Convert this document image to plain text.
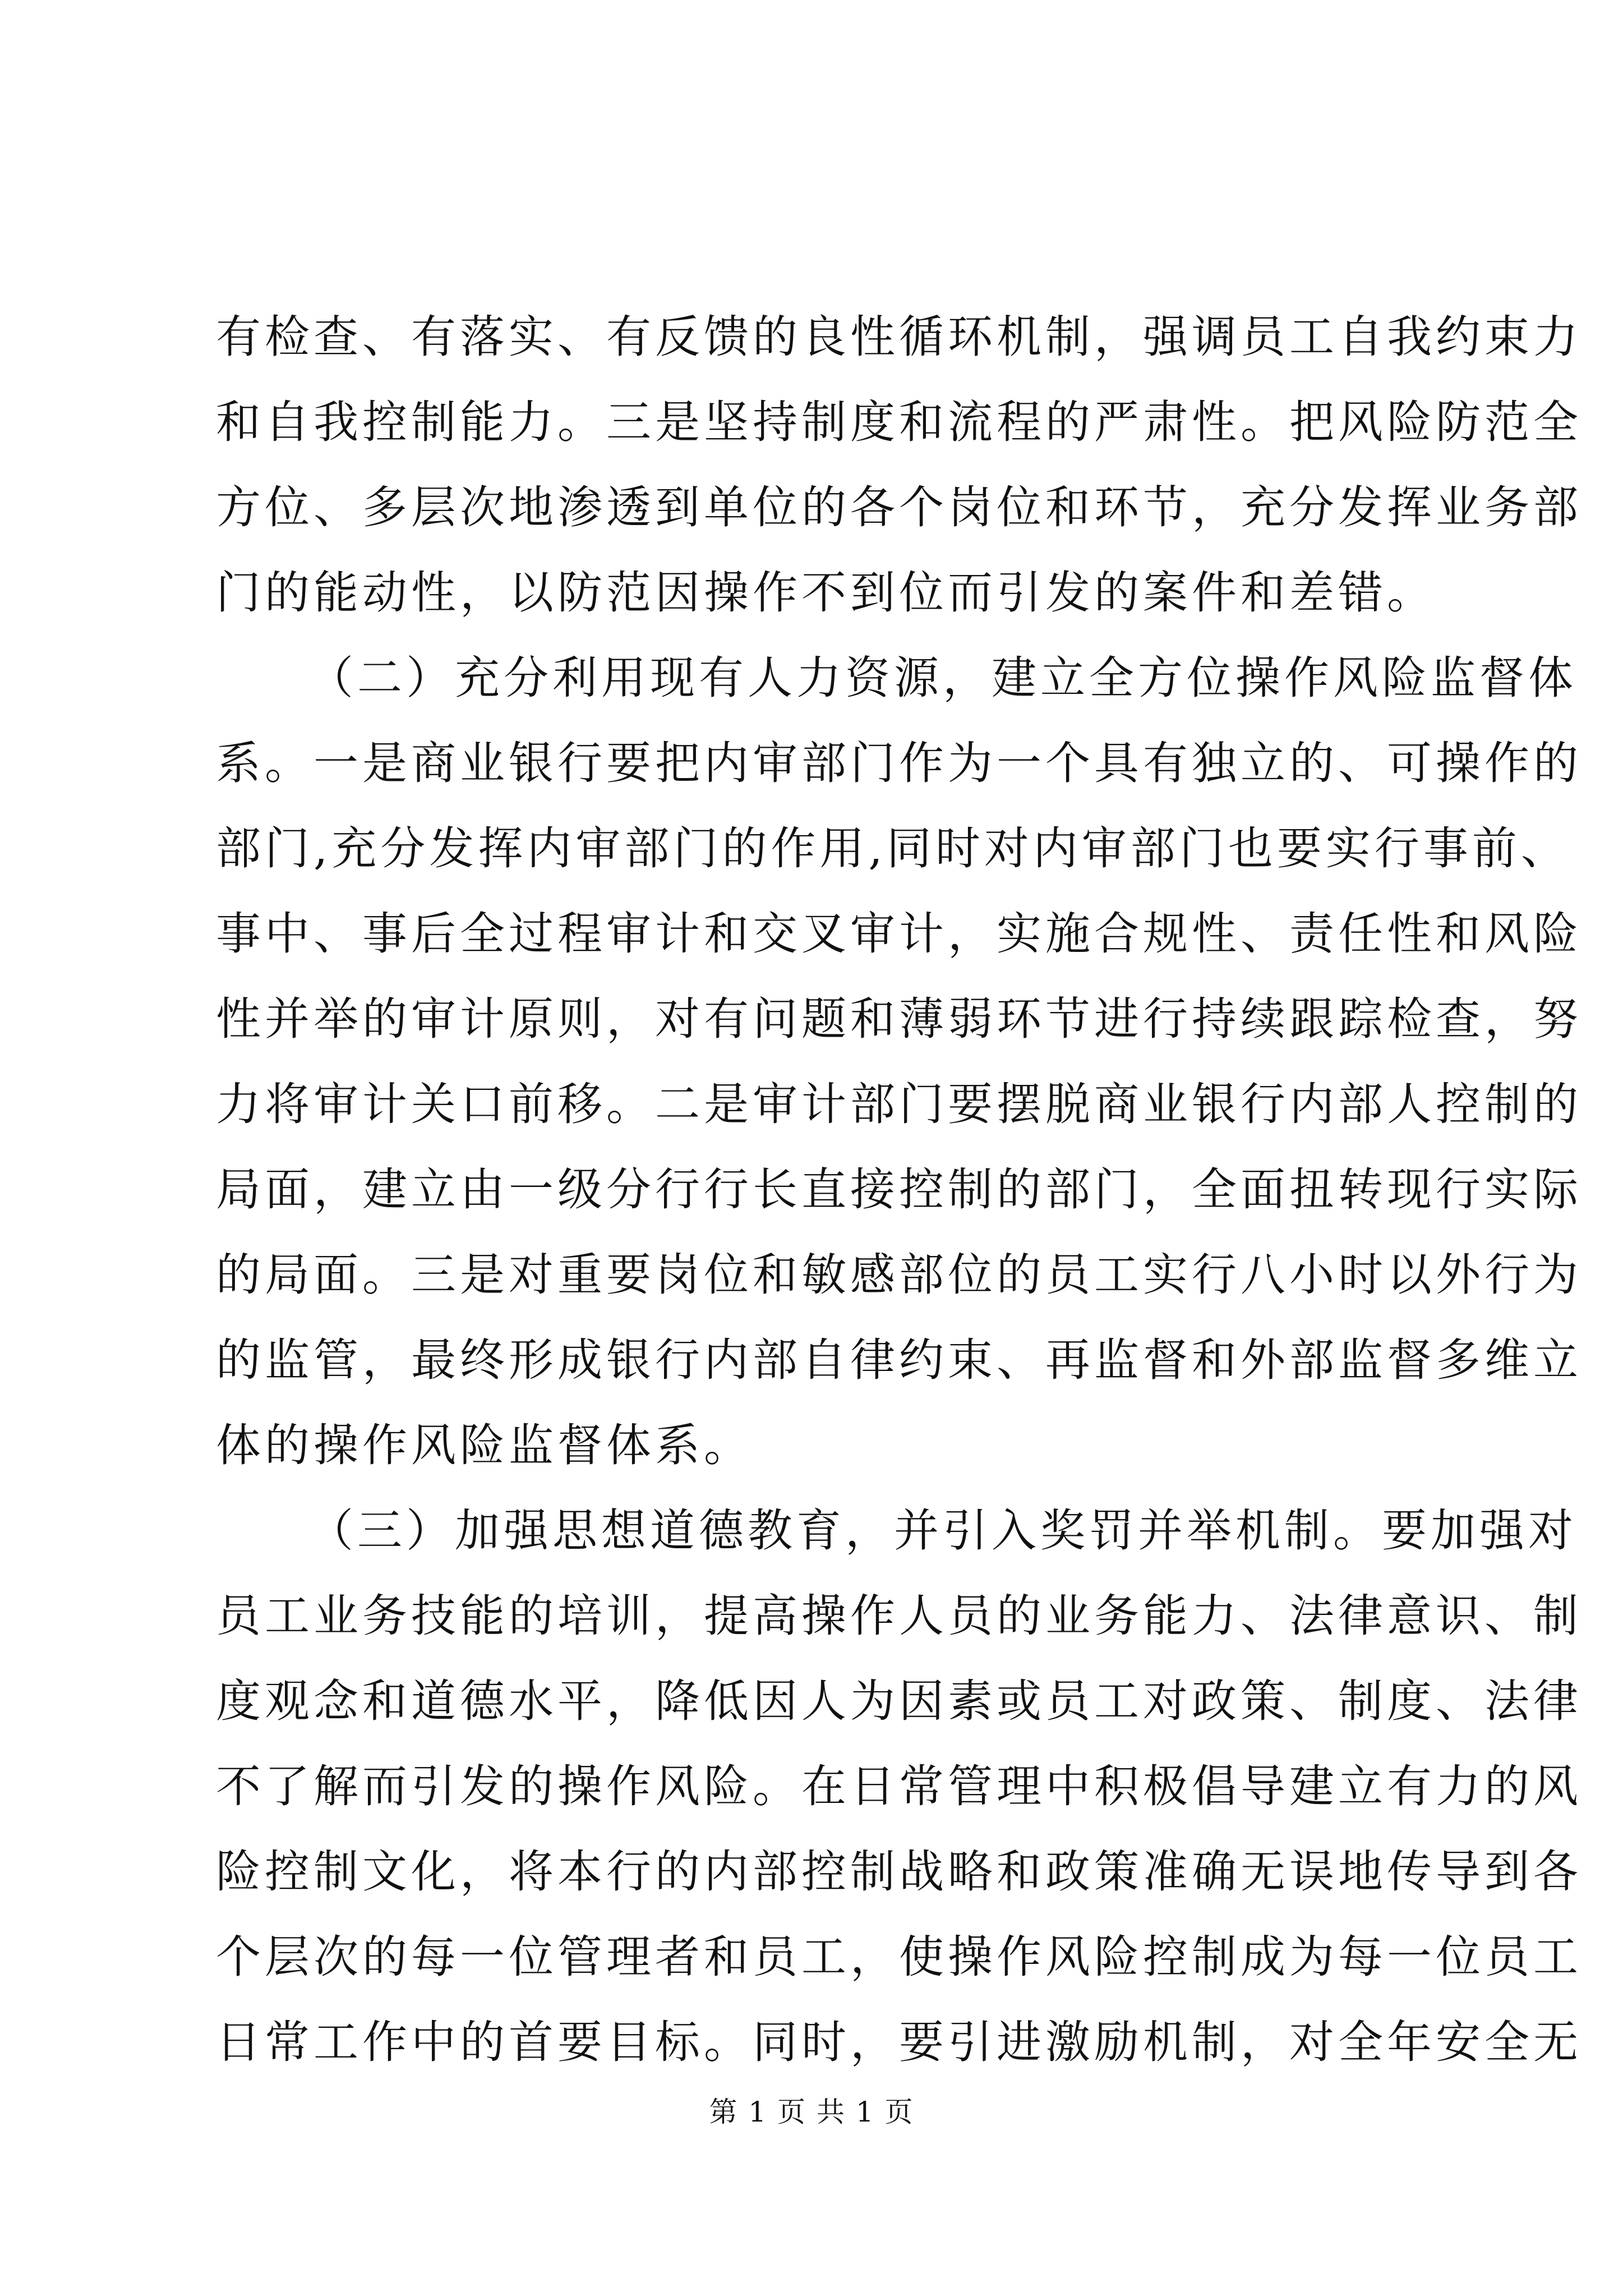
有检查、有落实、有反馈的良性循环机制，强调员工自我约束力
和自我控制能力。三是坚持制度和流程的严肃性。把风险防范全
方位、多层次地渗透到单位的各个岗位和环节，充分发挥业务部
门的能动性，以防范因操作不到位而引发的案件和差错。
（二）充分利用现有人力资源，建立全方位操作风险监督体
系。一是商业银行要把内审部门作为一个具有独立的、可操作的
部门,充分发挥内审部门的作用,同时对内审部门也要实行事前、
事中、事后全过程审计和交叉审计，实施合规性、责任性和风险
性并举的审计原则，对有问题和薄弱环节进行持续跟踪检查，努
力将审计关口前移。二是审计部门要摆脱商业银行内部人控制的
局面，建立由一级分行行长直接控制的部门，全面扭转现行实际
的局面。三是对重要岗位和敏感部位的员工实行八小时以外行为
的监管，最终形成银行内部自律约束、再监督和外部监督多维立
体的操作风险监督体系。
（三）加强思想道德教育，并引入奖罚并举机制。要加强对
员工业务技能的培训，提高操作人员的业务能力、法律意识、制
度观念和道德水平，降低因人为因素或员工对政策、制度、法律
不了解而引发的操作风险。在日常管理中积极倡导建立有力的风
险控制文化，将本行的内部控制战略和政策准确无误地传导到各
个层次的每一位管理者和员工，使操作风险控制成为每一位员工
日常工作中的首要目标。同时，要引进激励机制，对全年安全无
第 1 页 共 1 页
